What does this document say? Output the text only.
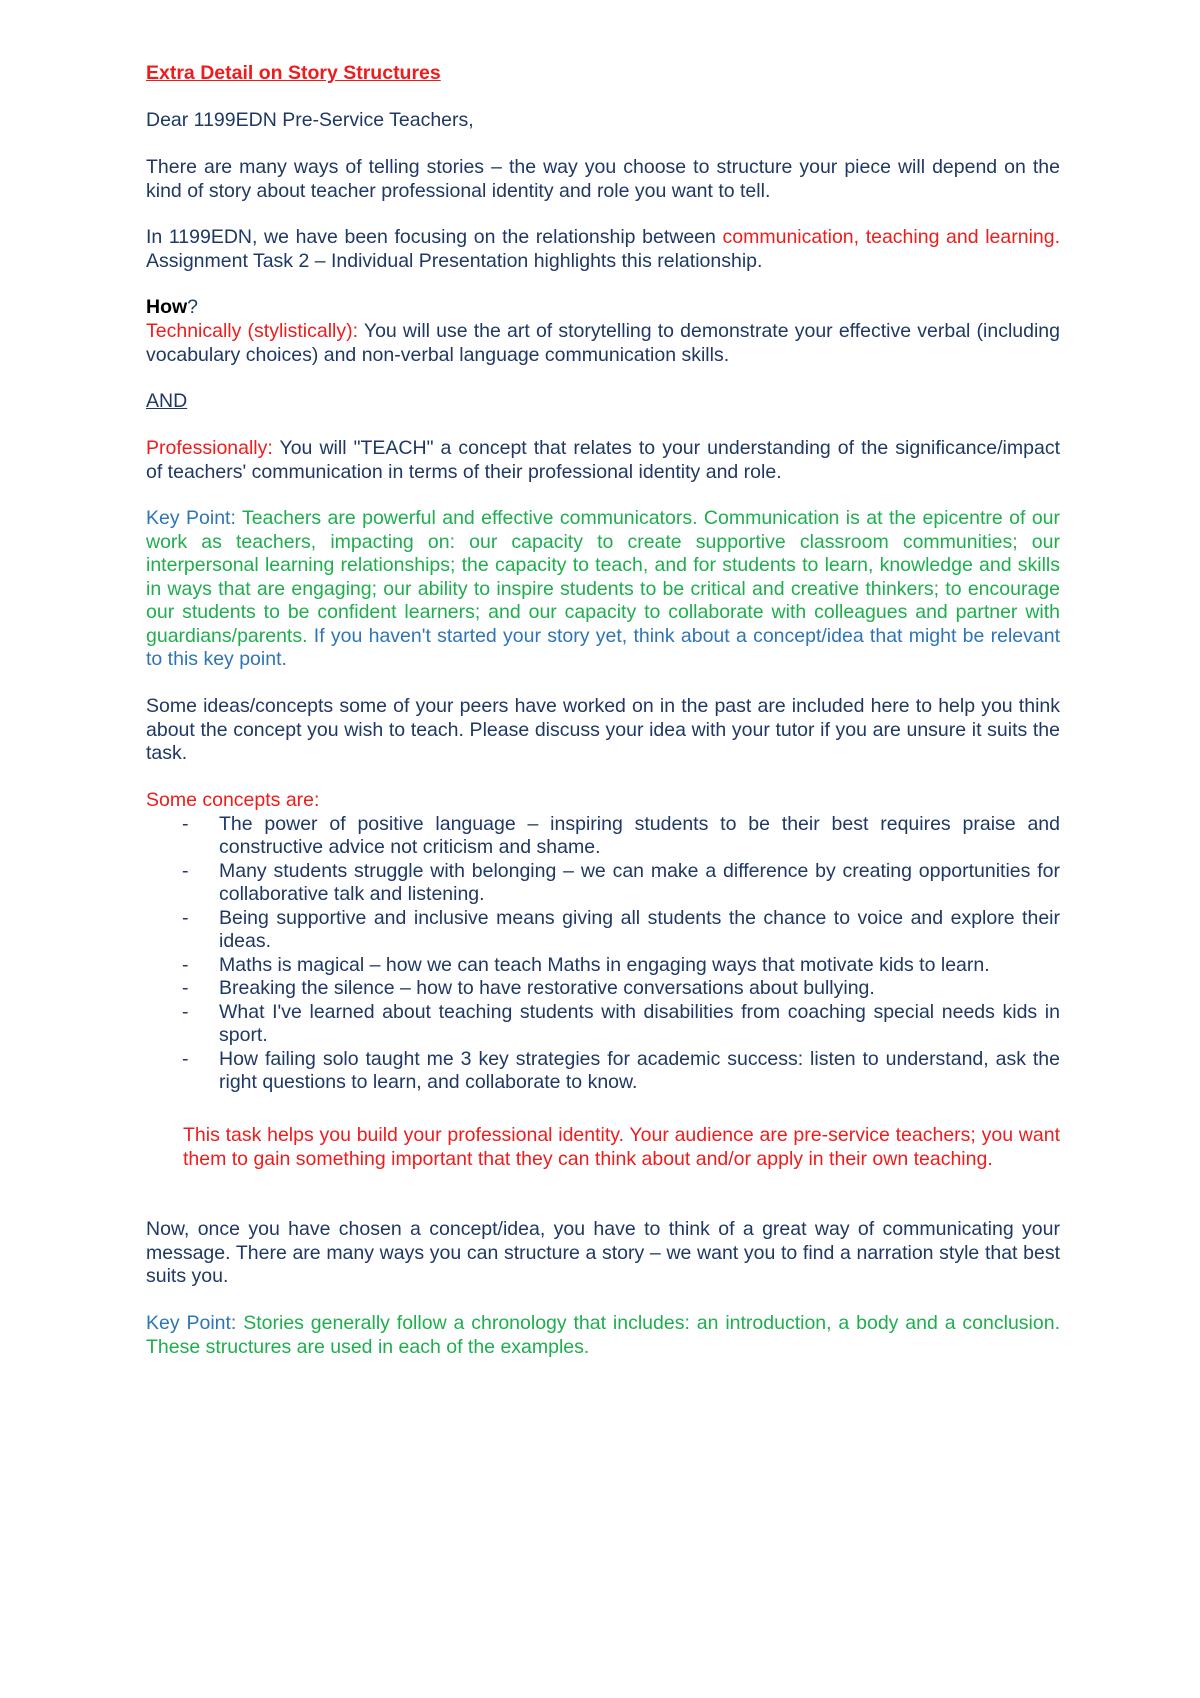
Extra Detail on Story Structures

Dear 1199EDN Pre-Service Teachers,

There are many ways of telling stories – the way you choose to structure your piece will depend on the kind of story about teacher professional identity and role you want to tell.

In 1199EDN, we have been focusing on the relationship between communication, teaching and learning. Assignment Task 2 – Individual Presentation highlights this relationship.

How?

Technically (stylistically): You will use the art of storytelling to demonstrate your effective verbal (including vocabulary choices) and non-verbal language communication skills.

AND

Professionally: You will "TEACH" a concept that relates to your understanding of the significance/impact of teachers' communication in terms of their professional identity and role.

Key Point: Teachers are powerful and effective communicators. Communication is at the epicentre of our work as teachers, impacting on: our capacity to create supportive classroom communities; our interpersonal learning relationships; the capacity to teach, and for students to learn, knowledge and skills in ways that are engaging; our ability to inspire students to be critical and creative thinkers; to encourage our students to be confident learners; and our capacity to collaborate with colleagues and partner with guardians/parents. If you haven't started your story yet, think about a concept/idea that might be relevant to this key point.

Some ideas/concepts some of your peers have worked on in the past are included here to help you think about the concept you wish to teach. Please discuss your idea with your tutor if you are unsure it suits the task.

Some concepts are:

- The power of positive language – inspiring students to be their best requires praise and constructive advice not criticism and shame.
- Many students struggle with belonging – we can make a difference by creating opportunities for collaborative talk and listening.
- Being supportive and inclusive means giving all students the chance to voice and explore their ideas.
- Maths is magical – how we can teach Maths in engaging ways that motivate kids to learn.
- Breaking the silence – how to have restorative conversations about bullying.
- What I've learned about teaching students with disabilities from coaching special needs kids in sport.
- How failing solo taught me 3 key strategies for academic success: listen to understand, ask the right questions to learn, and collaborate to know.

This task helps you build your professional identity. Your audience are pre-service teachers; you want them to gain something important that they can think about and/or apply in their own teaching.

Now, once you have chosen a concept/idea, you have to think of a great way of communicating your message. There are many ways you can structure a story – we want you to find a narration style that best suits you.

Key Point: Stories generally follow a chronology that includes: an introduction, a body and a conclusion. These structures are used in each of the examples.
